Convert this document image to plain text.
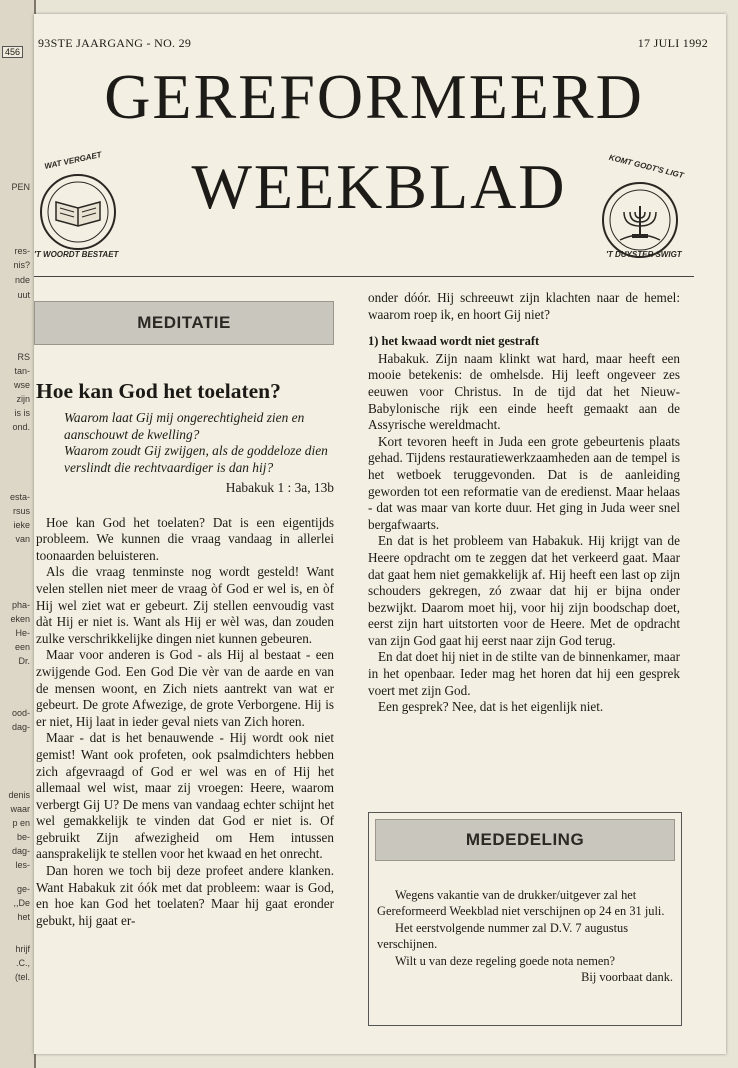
456
PEN
res-
nis?
nde
uut
RS
tan-
wse
zijn
is is
ond.
esta-
rsus
ieke
van
pha-
eken
He-
een
Dr.
ood-
dag-
denis
waar
p en
be-
dag-
les-
ge-
,,De
het
hrijf
.C.,
(tel.
93STE JAARGANG - NO. 29	17 JULI 1992
GEREFORMEERD
WEEKBLAD
WAT VERGAET
'T WOORDT BESTAET
KOMT GODT'S LIGT
'T DUYSTER SWIGT
MEDITATIE
Hoe kan God het toelaten?
Waarom laat Gij mij ongerechtigheid zien en aanschouwt de kwelling?
Waarom zoudt Gij zwijgen, als de goddeloze dien verslindt die rechtvaardiger is dan hij?
Habakuk 1 : 3a, 13b

Hoe kan God het toelaten? Dat is een eigentijds probleem. We kunnen die vraag vandaag in allerlei toonaarden beluisteren.

Als die vraag tenminste nog wordt gesteld! Want velen stellen niet meer de vraag òf God er wel is, en òf Hij wel ziet wat er gebeurt. Zij stellen eenvoudig vast dàt Hij er niet is. Want als Hij er wèl was, dan zouden zulke verschrikkelijke dingen niet kunnen gebeuren.

Maar voor anderen is God - als Hij al bestaat - een zwijgende God. Een God Die vèr van de aarde en van de mensen woont, en Zich niets aantrekt van wat er gebeurt. De grote Afwezige, de grote Verborgene. Hij is er niet, Hij laat in ieder geval niets van Zich horen.

Maar - dat is het benauwende - Hij wordt ook niet gemist! Want ook profeten, ook psalmdichters hebben zich afgevraagd of God er wel was en of Hij het allemaal wel wist, maar zij vroegen: Heere, waarom verbergt Gij U? De mens van vandaag echter schijnt het wel gemakkelijk te vinden dat God er niet is. Of gebruikt Zijn afwezigheid om Hem intussen aansprakelijk te stellen voor het kwaad en het onrecht.

Dan horen we toch bij deze profeet andere klanken. Want Habakuk zit óók met dat probleem: waar is God, en hoe kan God het toelaten? Maar hij gaat eronder gebukt, hij gaat er-

onder dóór. Hij schreeuwt zijn klachten naar de hemel: waarom roep ik, en hoort Gij niet?

1) het kwaad wordt niet gestraft

Habakuk. Zijn naam klinkt wat hard, maar heeft een mooie betekenis: de omhelsde. Hij leeft ongeveer zes eeuwen voor Christus. In de tijd dat het Nieuw-Babylonische rijk een einde heeft gemaakt aan de Assyrische wereldmacht.

Kort tevoren heeft in Juda een grote gebeurtenis plaats gehad. Tijdens restauratiewerkzaamheden aan de tempel is het wetboek teruggevonden. Dat is de aanleiding geworden tot een reformatie van de eredienst. Maar helaas - dat was maar van korte duur. Het ging in Juda weer snel bergafwaarts.

En dat is het probleem van Habakuk. Hij krijgt van de Heere opdracht om te zeggen dat het verkeerd gaat. Maar dat gaat hem niet gemakkelijk af. Hij heeft een last op zijn schouders gekregen, zó zwaar dat hij er bijna onder bezwijkt. Daarom moet hij, voor hij zijn boodschap doet, eerst zijn hart uitstorten voor de Heere. Met de opdracht van zijn God gaat hij eerst naar zijn God terug.

En dat doet hij niet in de stilte van de binnenkamer, maar in het openbaar. Ieder mag het horen dat hij een gesprek voert met zijn God.

Een gesprek? Nee, dat is het eigenlijk niet.

MEDEDELING

Wegens vakantie van de drukker/uitgever zal het Gereformeerd Weekblad niet verschijnen op 24 en 31 juli.

Het eerstvolgende nummer zal D.V. 7 augustus verschijnen.

Wilt u van deze regeling goede nota nemen?

Bij voorbaat dank.
